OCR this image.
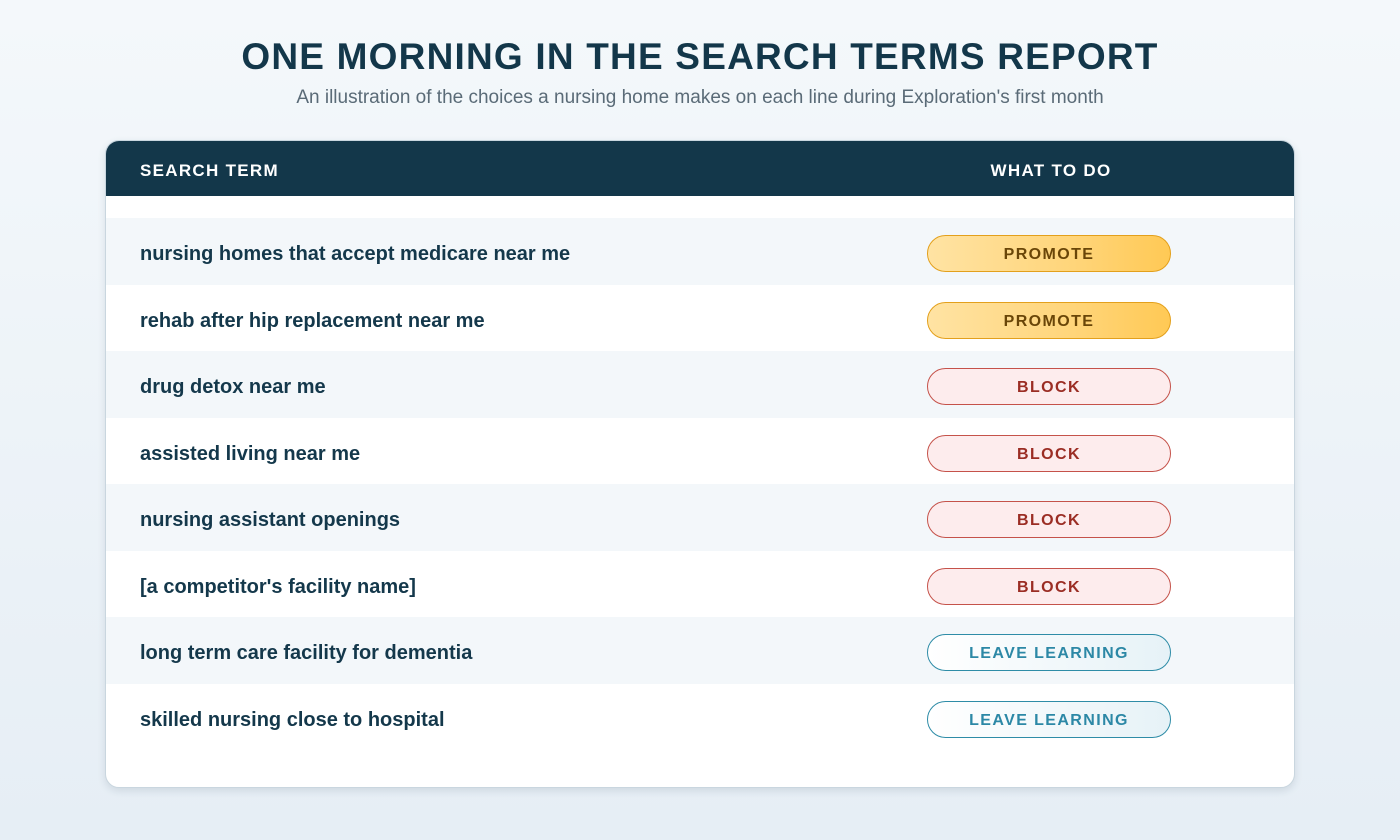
ONE MORNING IN THE SEARCH TERMS REPORT

An illustration of the choices a nursing home makes on each line during Exploration's first month

SEARCH TERM	WHAT TO DO
nursing homes that accept medicare near me	PROMOTE
rehab after hip replacement near me	PROMOTE
drug detox near me	BLOCK
assisted living near me	BLOCK
nursing assistant openings	BLOCK
[a competitor's facility name]	BLOCK
long term care facility for dementia	LEAVE LEARNING
skilled nursing close to hospital	LEAVE LEARNING
